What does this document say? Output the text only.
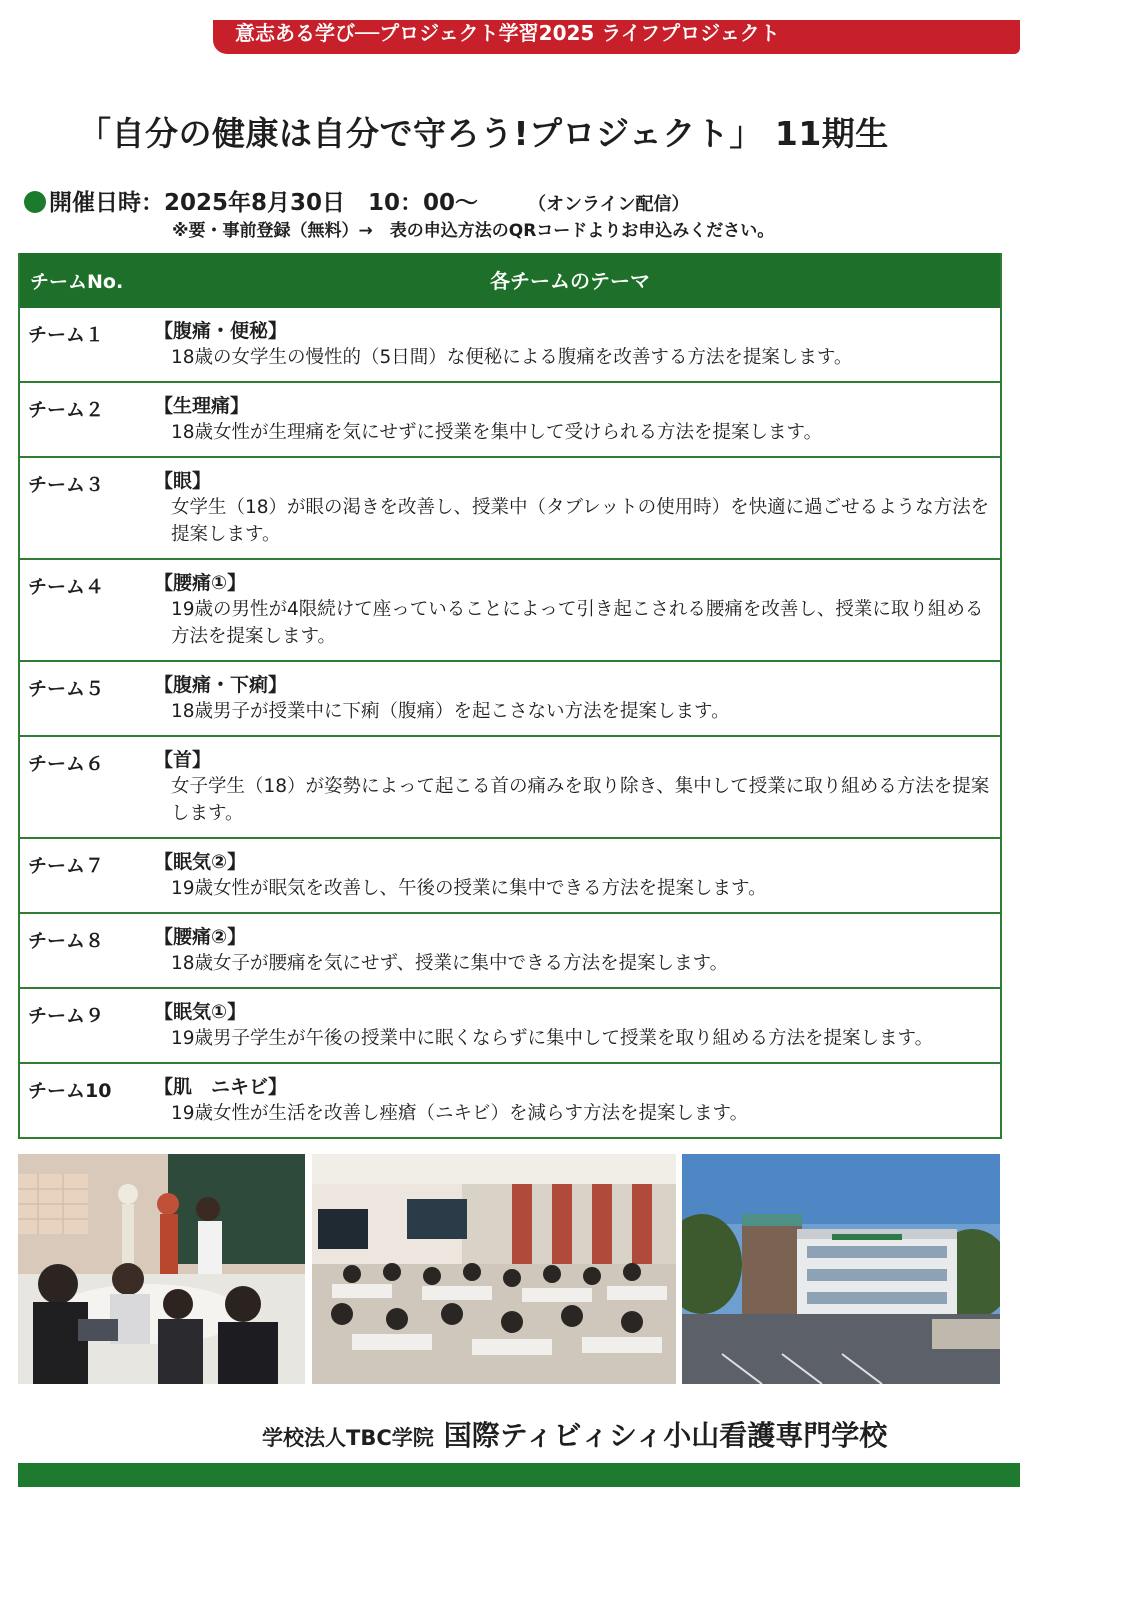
意志ある学び──プロジェクト学習2025 ライフプロジェクト
「自分の健康は自分で守ろう!プロジェクト」 11期生
開催日時：2025年8月30日　10：00～	（オンライン配信）
※要・事前登録（無料）→　表の申込方法のQRコードよりお申込みください。
チームNo.	各チームのテーマ
チーム１	【腹痛・便秘】
18歳の女学生の慢性的（5日間）な便秘による腹痛を改善する方法を提案します。
チーム２	【生理痛】
18歳女性が生理痛を気にせずに授業を集中して受けられる方法を提案します。
チーム３	【眼】
女学生（18）が眼の渇きを改善し、授業中（タブレットの使用時）を快適に過ごせるような方法を提案します。
チーム４	【腰痛①】
19歳の男性が4限続けて座っていることによって引き起こされる腰痛を改善し、授業に取り組める方法を提案します。
チーム５	【腹痛・下痢】
18歳男子が授業中に下痢（腹痛）を起こさない方法を提案します。
チーム６	【首】
女子学生（18）が姿勢によって起こる首の痛みを取り除き、集中して授業に取り組める方法を提案します。
チーム７	【眠気②】
19歳女性が眠気を改善し、午後の授業に集中できる方法を提案します。
チーム８	【腰痛②】
18歳女子が腰痛を気にせず、授業に集中できる方法を提案します。
チーム９	【眠気①】
19歳男子学生が午後の授業中に眠くならずに集中して授業を取り組める方法を提案します。
チーム10 【肌　ニキビ】
19歳女性が生活を改善し痤瘡（ニキビ）を減らす方法を提案します。
学校法人TBC学院 国際ティビィシィ小山看護専門学校
